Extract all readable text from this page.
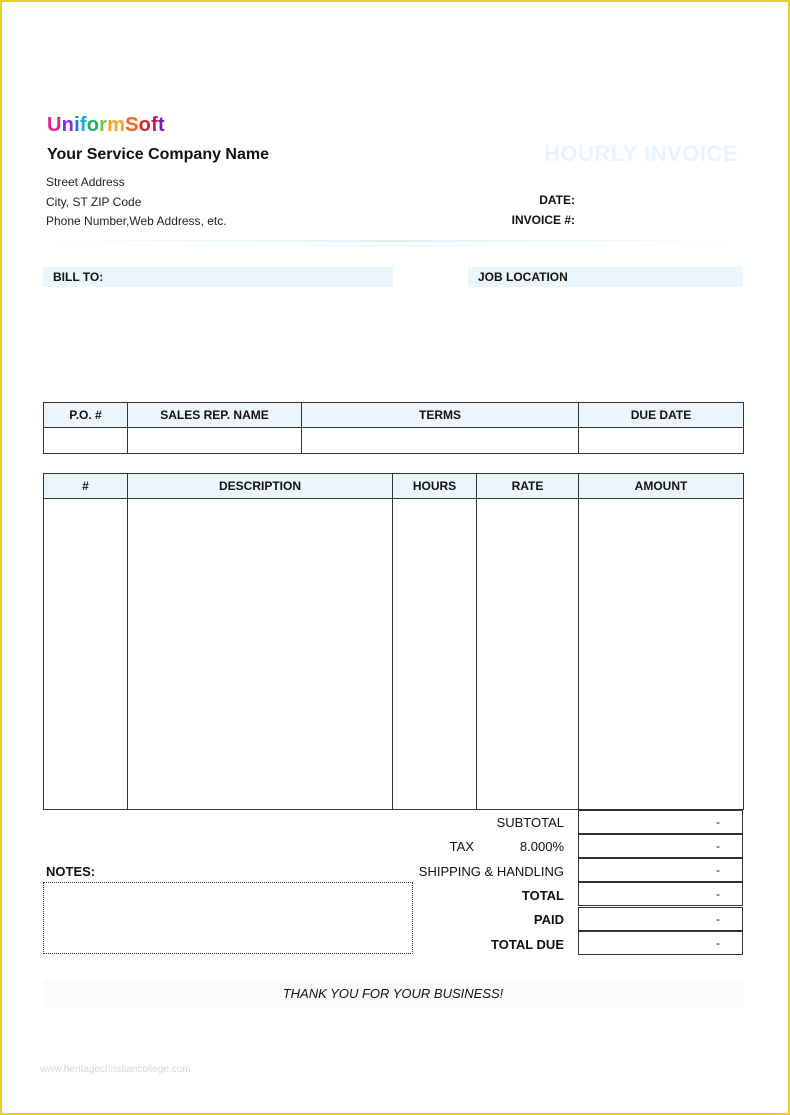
UniformSoft
Your Service Company Name
Street Address
City, ST ZIP Code
Phone Number,Web Address, etc.
HOURLY INVOICE
DATE:
INVOICE #:
BILL TO:	JOB LOCATION
P.O. #	SALES REP. NAME	TERMS	DUE DATE

#	DESCRIPTION	HOURS	RATE	AMOUNT

SUBTOTAL	-
TAX	8.000%	-
SHIPPING & HANDLING	-
TOTAL	-
PAID	-
TOTAL DUE	-
NOTES:
THANK YOU FOR YOUR BUSINESS!
www.heritagechristiancollege.com
